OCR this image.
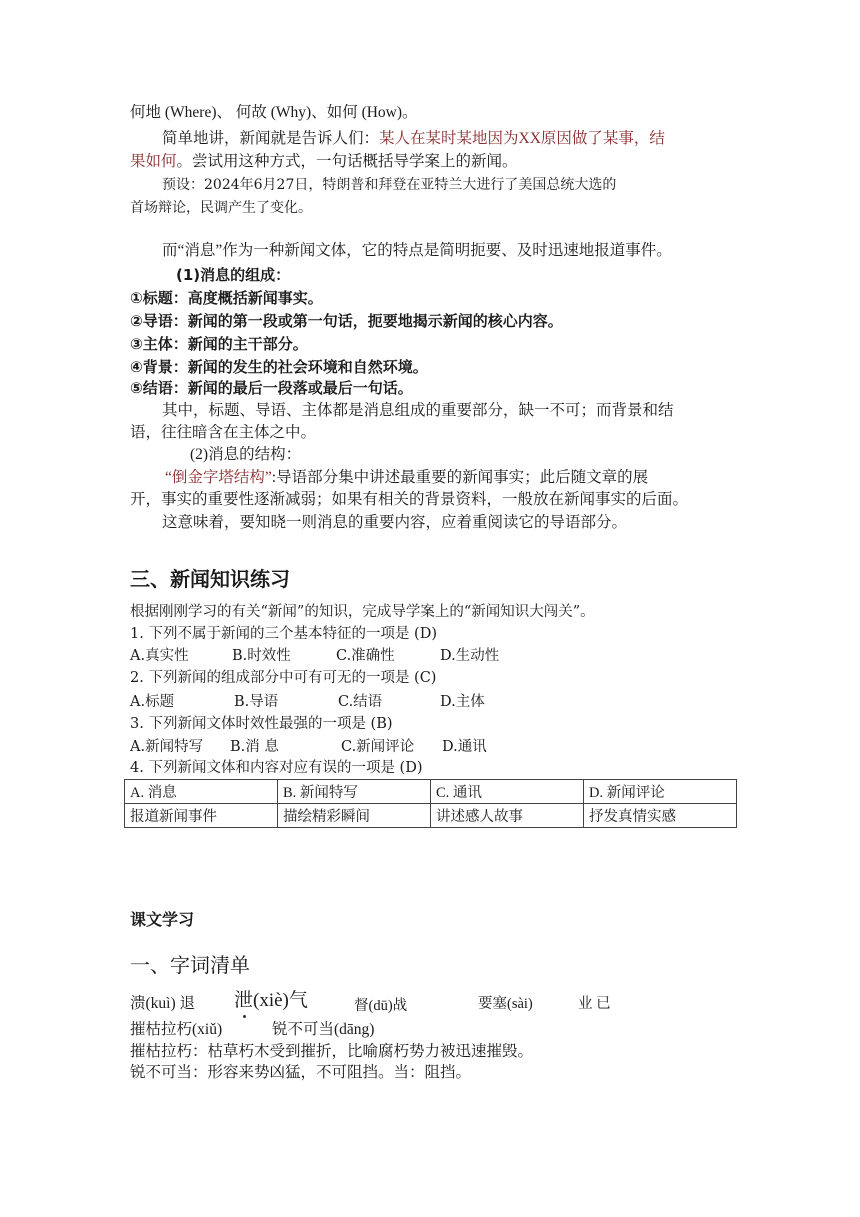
何地 (Where)、 何故 (Why)、如何 (How)。
简单地讲，新闻就是告诉人们：某人在某时某地因为XX原因做了某事，结
果如何。尝试用这种方式，一句话概括导学案上的新闻。
预设：2024年6月27日，特朗普和拜登在亚特兰大进行了美国总统大选的
首场辩论，民调产生了变化。
而“消息”作为一种新闻文体，它的特点是简明扼要、及时迅速地报道事件。
(1)消息的组成：
①标题：高度概括新闻事实。
②导语：新闻的第一段或第一句话，扼要地揭示新闻的核心内容。
③主体：新闻的主干部分。
④背景：新闻的发生的社会环境和自然环境。
⑤结语：新闻的最后一段落或最后一句话。
其中，标题、导语、主体都是消息组成的重要部分，缺一不可；而背景和结
语，往往暗含在主体之中。
(2)消息的结构：
“倒金字塔结构”:导语部分集中讲述最重要的新闻事实；此后随文章的展
开，事实的重要性逐渐减弱；如果有相关的背景资料，一般放在新闻事实的后面。
这意味着，要知晓一则消息的重要内容，应着重阅读它的导语部分。
三、新闻知识练习
根据刚刚学习的有关“新闻”的知识，完成导学案上的“新闻知识大闯关”。
1. 下列不属于新闻的三个基本特征的一项是 (D)
A.真实性	B.时效性	C.准确性	D.生动性
2. 下列新闻的组成部分中可有可无的一项是 (C)
A.标题	B.导语	C.结语	D.主体
3. 下列新闻文体时效性最强的一项是 (B)
A.新闻特写 B.消 息	C.新闻评论 D.通讯
4. 下列新闻文体和内容对应有误的一项是 (D)
A. 消息	B. 新闻特写	C. 通讯	D. 新闻评论
报道新闻事件	描绘精彩瞬间	讲述感人故事	抒发真情实感
课文学习
一、字词清单
溃(kuì) 退 泄(xiè)气	督(dū)战	要塞(sài)	业 已
摧枯拉朽(xiǔ)	锐不可当(dāng)
摧枯拉朽：枯草朽木受到摧折，比喻腐朽势力被迅速摧毁。
锐不可当：形容来势凶猛，不可阻挡。当：阻挡。
